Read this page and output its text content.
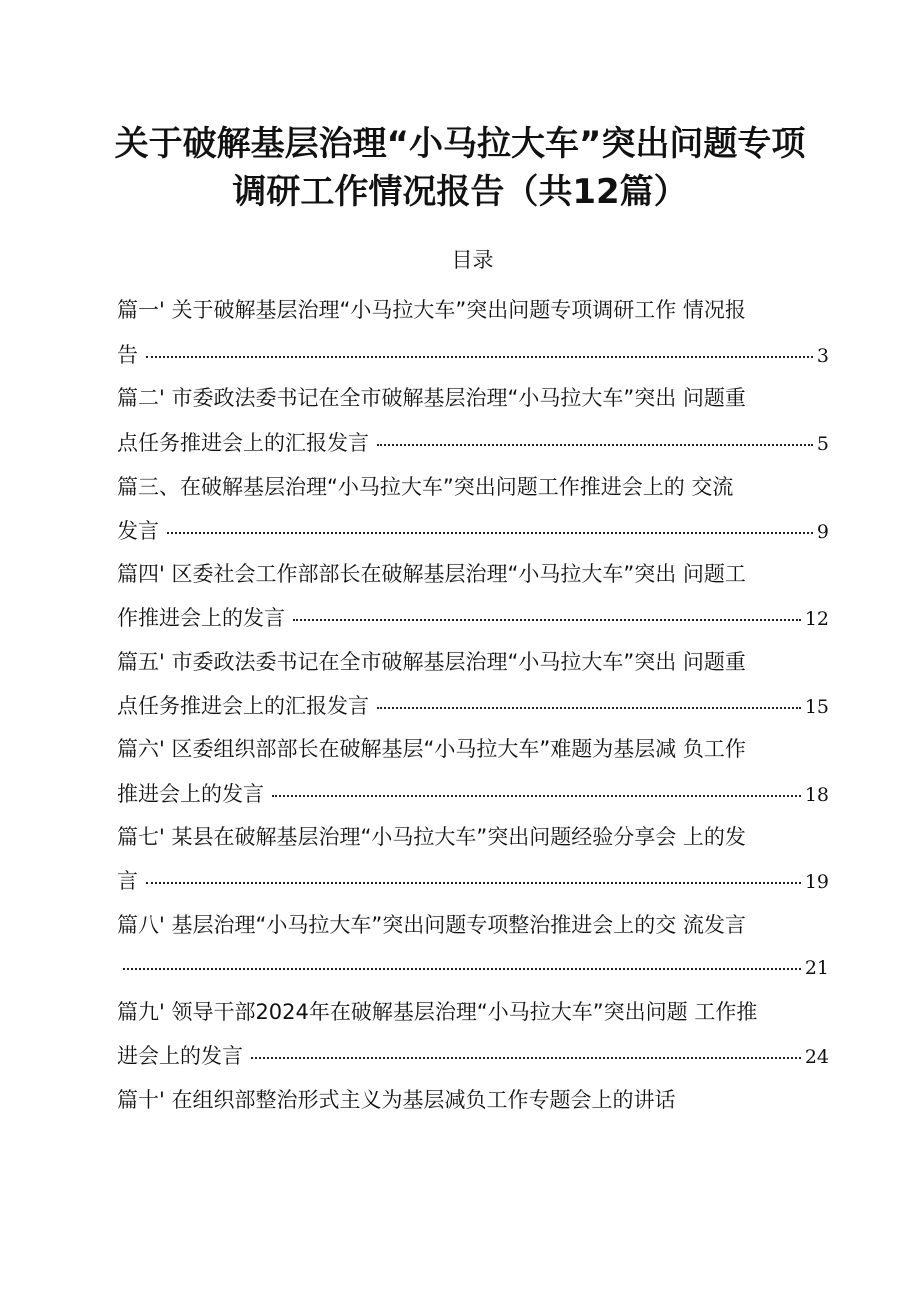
关于破解基层治理“小马拉大车”突出问题专项
调研工作情况报告（共12篇）
目录
篇一' 关于破解基层治理“小马拉大车”突出问题专项调研工作 情况报
告	3
篇二' 市委政法委书记在全市破解基层治理“小马拉大车”突出 问题重
点任务推进会上的汇报发言	5
篇三、在破解基层治理“小马拉大车”突出问题工作推进会上的 交流
发言	9
篇四' 区委社会工作部部长在破解基层治理“小马拉大车”突出 问题工
作推进会上的发言	12
篇五' 市委政法委书记在全市破解基层治理“小马拉大车”突出 问题重
点任务推进会上的汇报发言	15
篇六' 区委组织部部长在破解基层“小马拉大车”难题为基层减 负工作
推进会上的发言	18
篇七' 某县在破解基层治理“小马拉大车”突出问题经验分享会 上的发
言	19
篇八' 基层治理“小马拉大车”突出问题专项整治推进会上的交 流发言
21
篇九' 领导干部2024年在破解基层治理“小马拉大车”突出问题 工作推
进会上的发言	24
篇十' 在组织部整治形式主义为基层减负工作专题会上的讲话
